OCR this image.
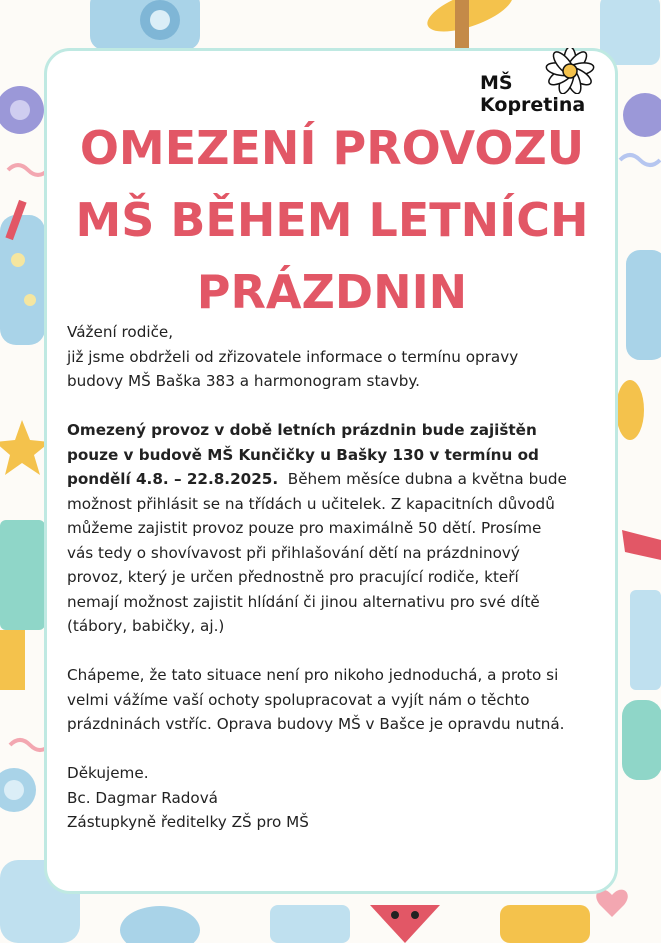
MŠ
Kopretina
OMEZENÍ PROVOZU
MŠ BĚHEM LETNÍCH
PRÁZDNIN

Vážení rodiče,

již jsme obdrželi od zřizovatele informace o termínu opravy

budovy MŠ Baška 383 a harmonogram stavby.

Omezený provoz v době letních prázdnin bude zajištěn

pouze v budově MŠ Kunčičky u Bašky 130 v termínu od

pondělí 4.8. – 22.8.2025. Během měsíce dubna a května bude

možnost přihlásit se na třídách u učitelek. Z kapacitních důvodů

můžeme zajistit provoz pouze pro maximálně 50 dětí. Prosíme

vás tedy o shovívavost při přihlašování dětí na prázdninový

provoz, který je určen přednostně pro pracující rodiče, kteří

nemají možnost zajistit hlídání či jinou alternativu pro své dítě

(tábory, babičky, aj.)

Chápeme, že tato situace není pro nikoho jednoduchá, a proto si

velmi vážíme vaší ochoty spolupracovat a vyjít nám o těchto

prázdninách vstříc. Oprava budovy MŠ v Bašce je opravdu nutná.

Děkujeme.

Bc. Dagmar Radová

Zástupkyně ředitelky ZŠ pro MŠ
